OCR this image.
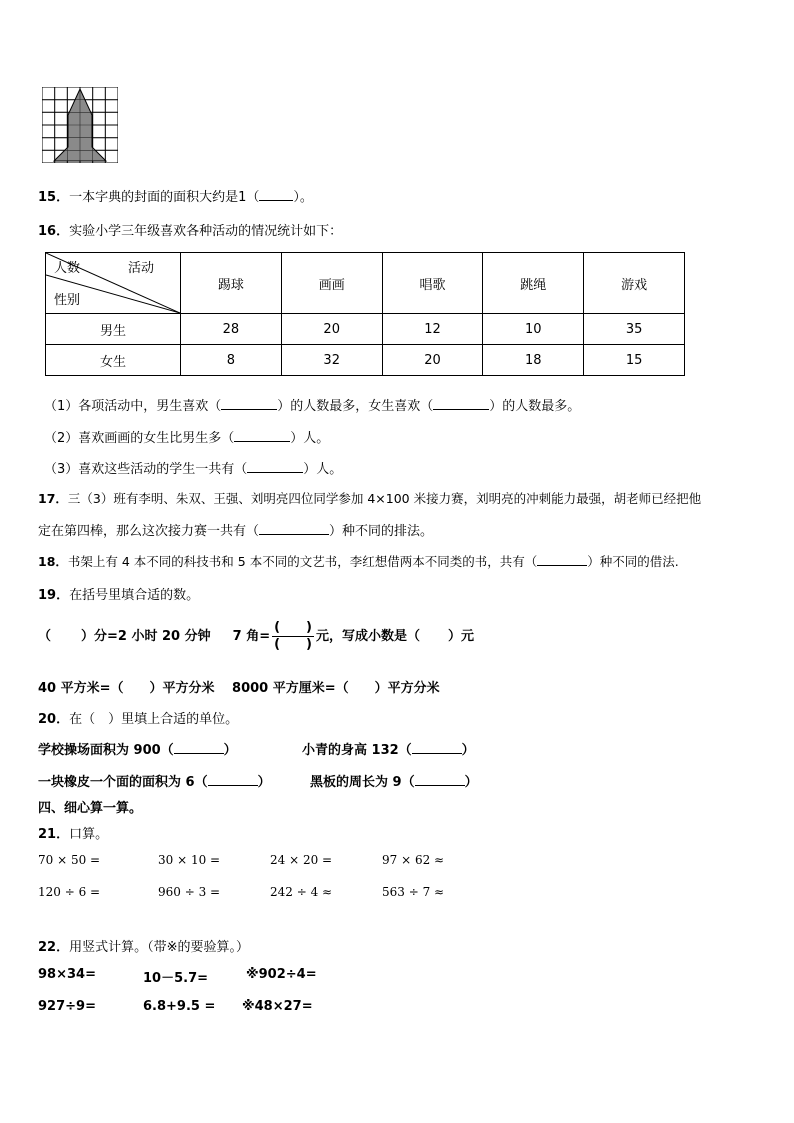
15．一本字典的封面的面积大约是1（	）。
16．实验小学三年级喜欢各种活动的情况统计如下：
人数 活动
性别	踢球	画画	唱歌	跳绳	游戏
男生	28	20	12	10	35
女生	8	32	20	18	15
（1）各项活动中，男生喜欢（	）的人数最多，女生喜欢（	）的人数最多。
（2）喜欢画画的女生比男生多（	）人。
（3）喜欢这些活动的学生一共有（	）人。
17．三（3）班有李明、朱双、王强、刘明亮四位同学参加 4×100 米接力赛，刘明亮的冲刺能力最强，胡老师已经把他
定在第四棒，那么这次接力赛一共有（	）种不同的排法。
18．书架上有 4 本不同的科技书和 5 本不同的文艺书，李红想借两本不同类的书，共有（	）种不同的借法.
19．在括号里填合适的数。
（ ）分=2 小时 20 分钟 7 角= $\frac{( )}{( )}$ 元，写成小数是（ ）元
40 平方米=（　　）平方分米　 8000 平方厘米=（　　）平方分米
20．在（　）里填上合适的单位。
学校操场面积为 900（	）	小青的身高 132（	）
一块橡皮一个面的面积为 6（	）	黑板的周长为 9（	）
四、细心算一算。
21．口算。
70 × 50 =	30 × 10 =	24 × 20 =	97 × 62 ≈
120 ÷ 6 =	960 ÷ 3 =	242 ÷ 4 ≈	563 ÷ 7 ≈
22．用竖式计算。（带※的要验算。）
98×34=	10－5.7=	※902÷4=
927÷9=	6.8+9.5 = ※48×27=
